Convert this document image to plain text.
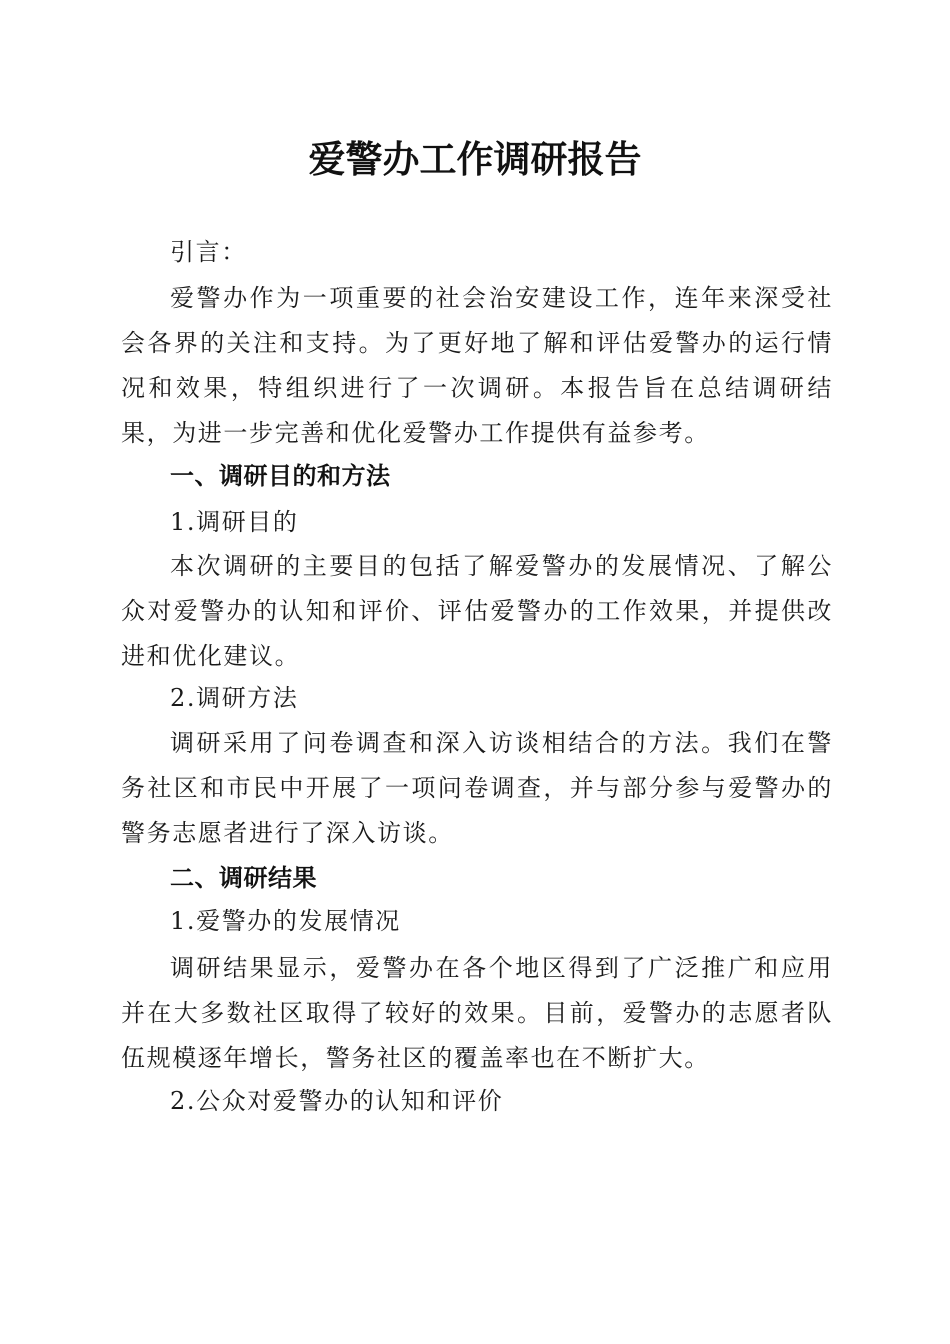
爱警办工作调研报告
引言：
爱警办作为一项重要的社会治安建设工作，连年来深受社会各界的关注和支持。为了更好地了解和评估爱警办的运行情况和效果，特组织进行了一次调研。本报告旨在总结调研结果，为进一步完善和优化爱警办工作提供有益参考。
一、调研目的和方法
1.调研目的
本次调研的主要目的包括了解爱警办的发展情况、了解公众对爱警办的认知和评价、评估爱警办的工作效果，并提供改进和优化建议。
2.调研方法
调研采用了问卷调查和深入访谈相结合的方法。我们在警务社区和市民中开展了一项问卷调查，并与部分参与爱警办的警务志愿者进行了深入访谈。
二、调研结果
1.爱警办的发展情况
调研结果显示，爱警办在各个地区得到了广泛推广和应用并在大多数社区取得了较好的效果。目前，爱警办的志愿者队伍规模逐年增长，警务社区的覆盖率也在不断扩大。
2.公众对爱警办的认知和评价
